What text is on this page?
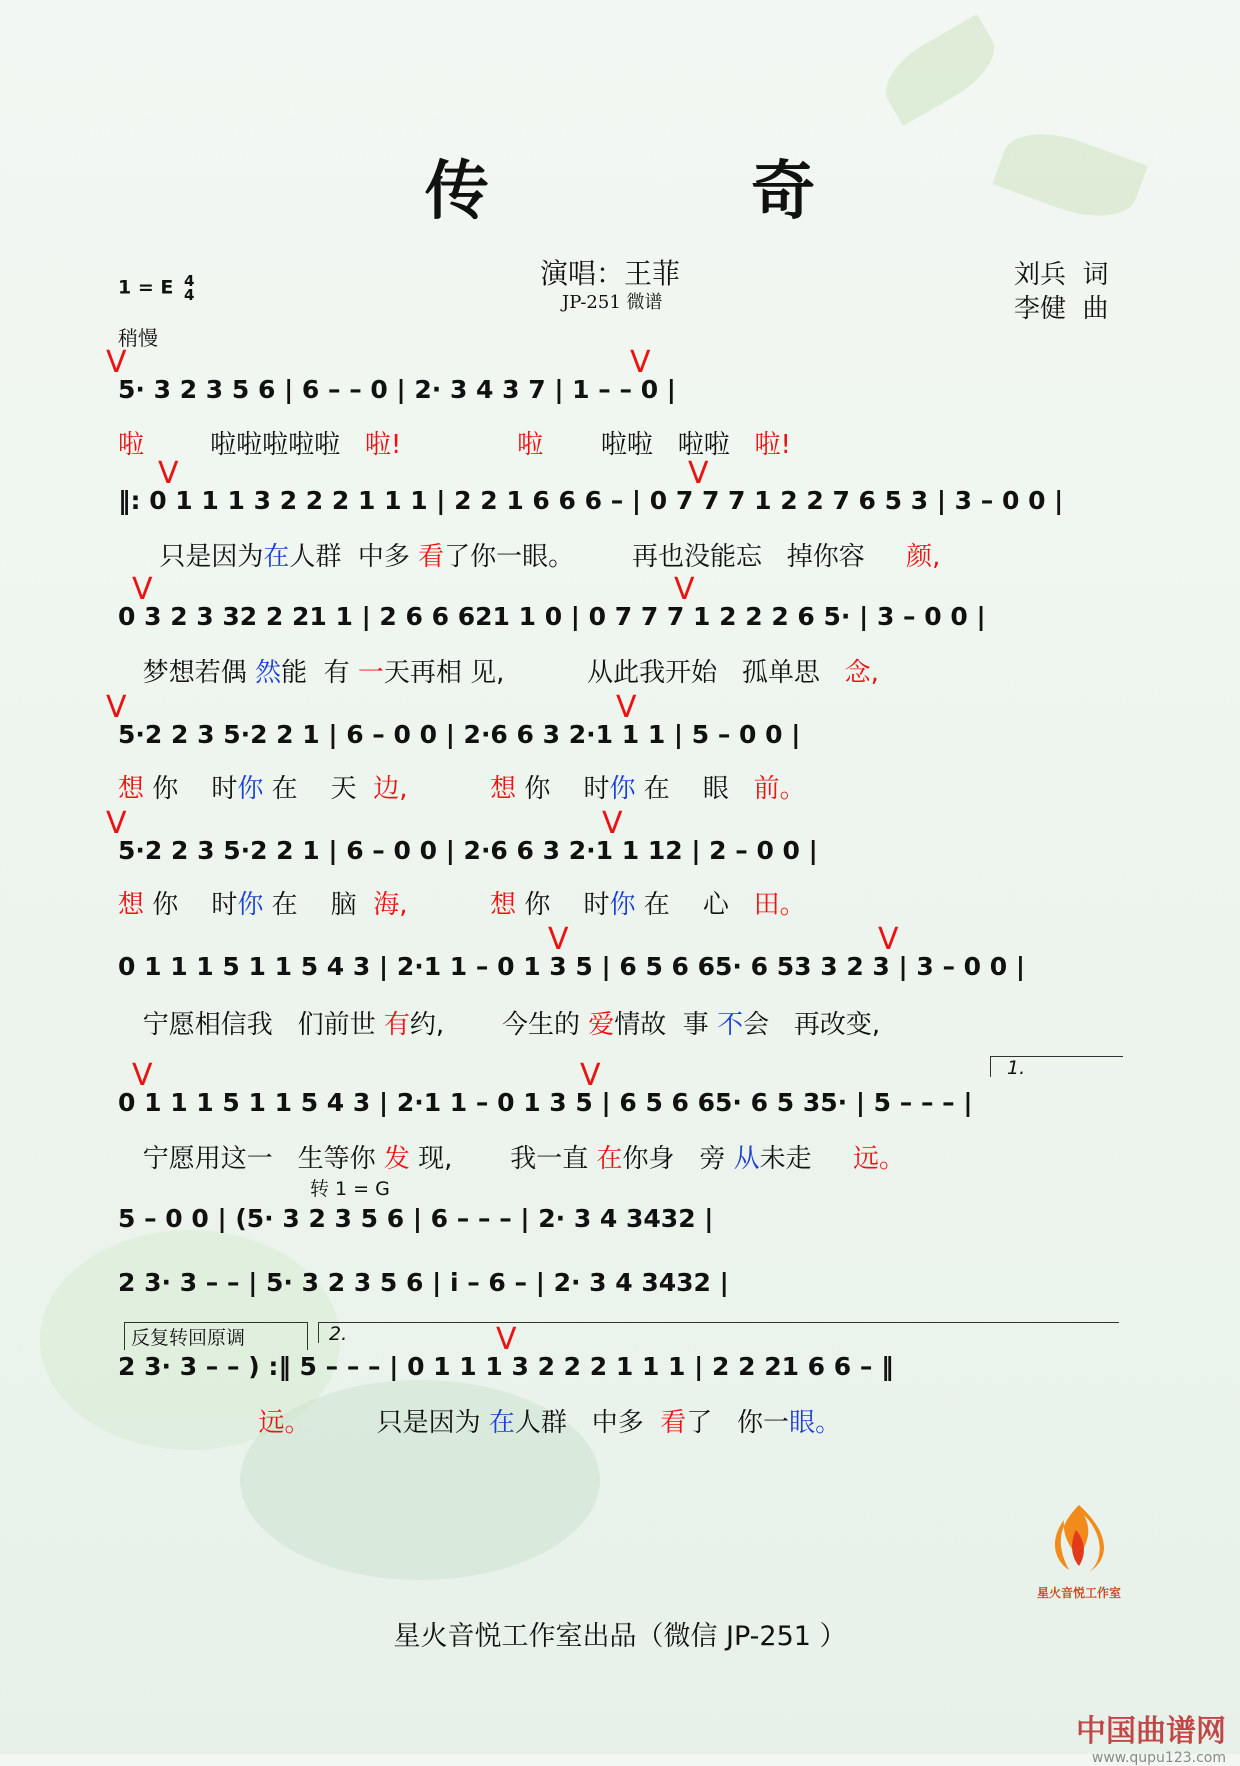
传 奇
演唱：王菲
JP-251 微谱
刘兵  词
李健  曲
1 = E 4
4
稍慢
V	V
5· 3 2 3 5 6 | 6 – – 0 | 2· 3 4 3 7 | 1 – – 0 |
啦        啦啦啦啦啦   啦!              啦       啦啦   啦啦   啦!
V	V
‖: 0 1 1 1 3 2 2 2 1 1 1 | 2 2 1 6 6 6 – | 0 7 7 7 1 2 2 7 6 5 3 | 3 – 0 0 |
只是因为在人群  中多 看了你一眼。       再也没能忘   掉你容     颜,
V	V
0 3 2 3 32 2 21 1 | 2 6 6 621 1 0 | 0 7 7 7 1 2 2 2 6 5· | 3 – 0 0 |
梦想若偶 然能  有 一天再相 见,          从此我开始   孤单思   念,
V	V
5·2 2 3 5·2 2 1 | 6 – 0 0 | 2·6 6 3 2·1 1 1 | 5 – 0 0 |
想 你    时你 在    天  边,	想 你    时你 在    眼   前。
V	V
5·2 2 3 5·2 2 1 | 6 – 0 0 | 2·6 6 3 2·1 1 12 | 2 – 0 0 |
想 你    时你 在    脑  海,	想 你    时你 在    心   田。
V	V
0 1 1 1 5 1 1 5 4 3 | 2·1 1 – 0 1 3 5 | 6 5 6 65· 6 53 3 2 3 | 3 – 0 0 |
宁愿相信我   们前世 有约,       今生的 爱情故  事 不会   再改变,
1.
V	V
0 1 1 1 5 1 1 5 4 3 | 2·1 1 – 0 1 3 5 | 6 5 6 65· 6 5 35· | 5 – – – |
宁愿用这一   生等你 发 现,       我一直 在你身   旁 从未走     远。
转 1 = G
5 – 0 0 | (5· 3 2 3 5 6 | 6 – – – | 2· 3 4 3432 |
2 3· 3 – – | 5· 3 2 3 5 6 | i – 6 – | 2· 3 4 3432 |
反复转回原调	2.	V
2 3· 3 – – ) :‖ 5 – – – | 0 1 1 1 3 2 2 2 1 1 1 | 2 2 21 6 6 – ‖
远。        只是因为 在人群   中多  看了   你一眼。
星火音悦工作室
星火音悦工作室出品（微信 JP-251 ）
中国曲谱网
www.qupu123.com
